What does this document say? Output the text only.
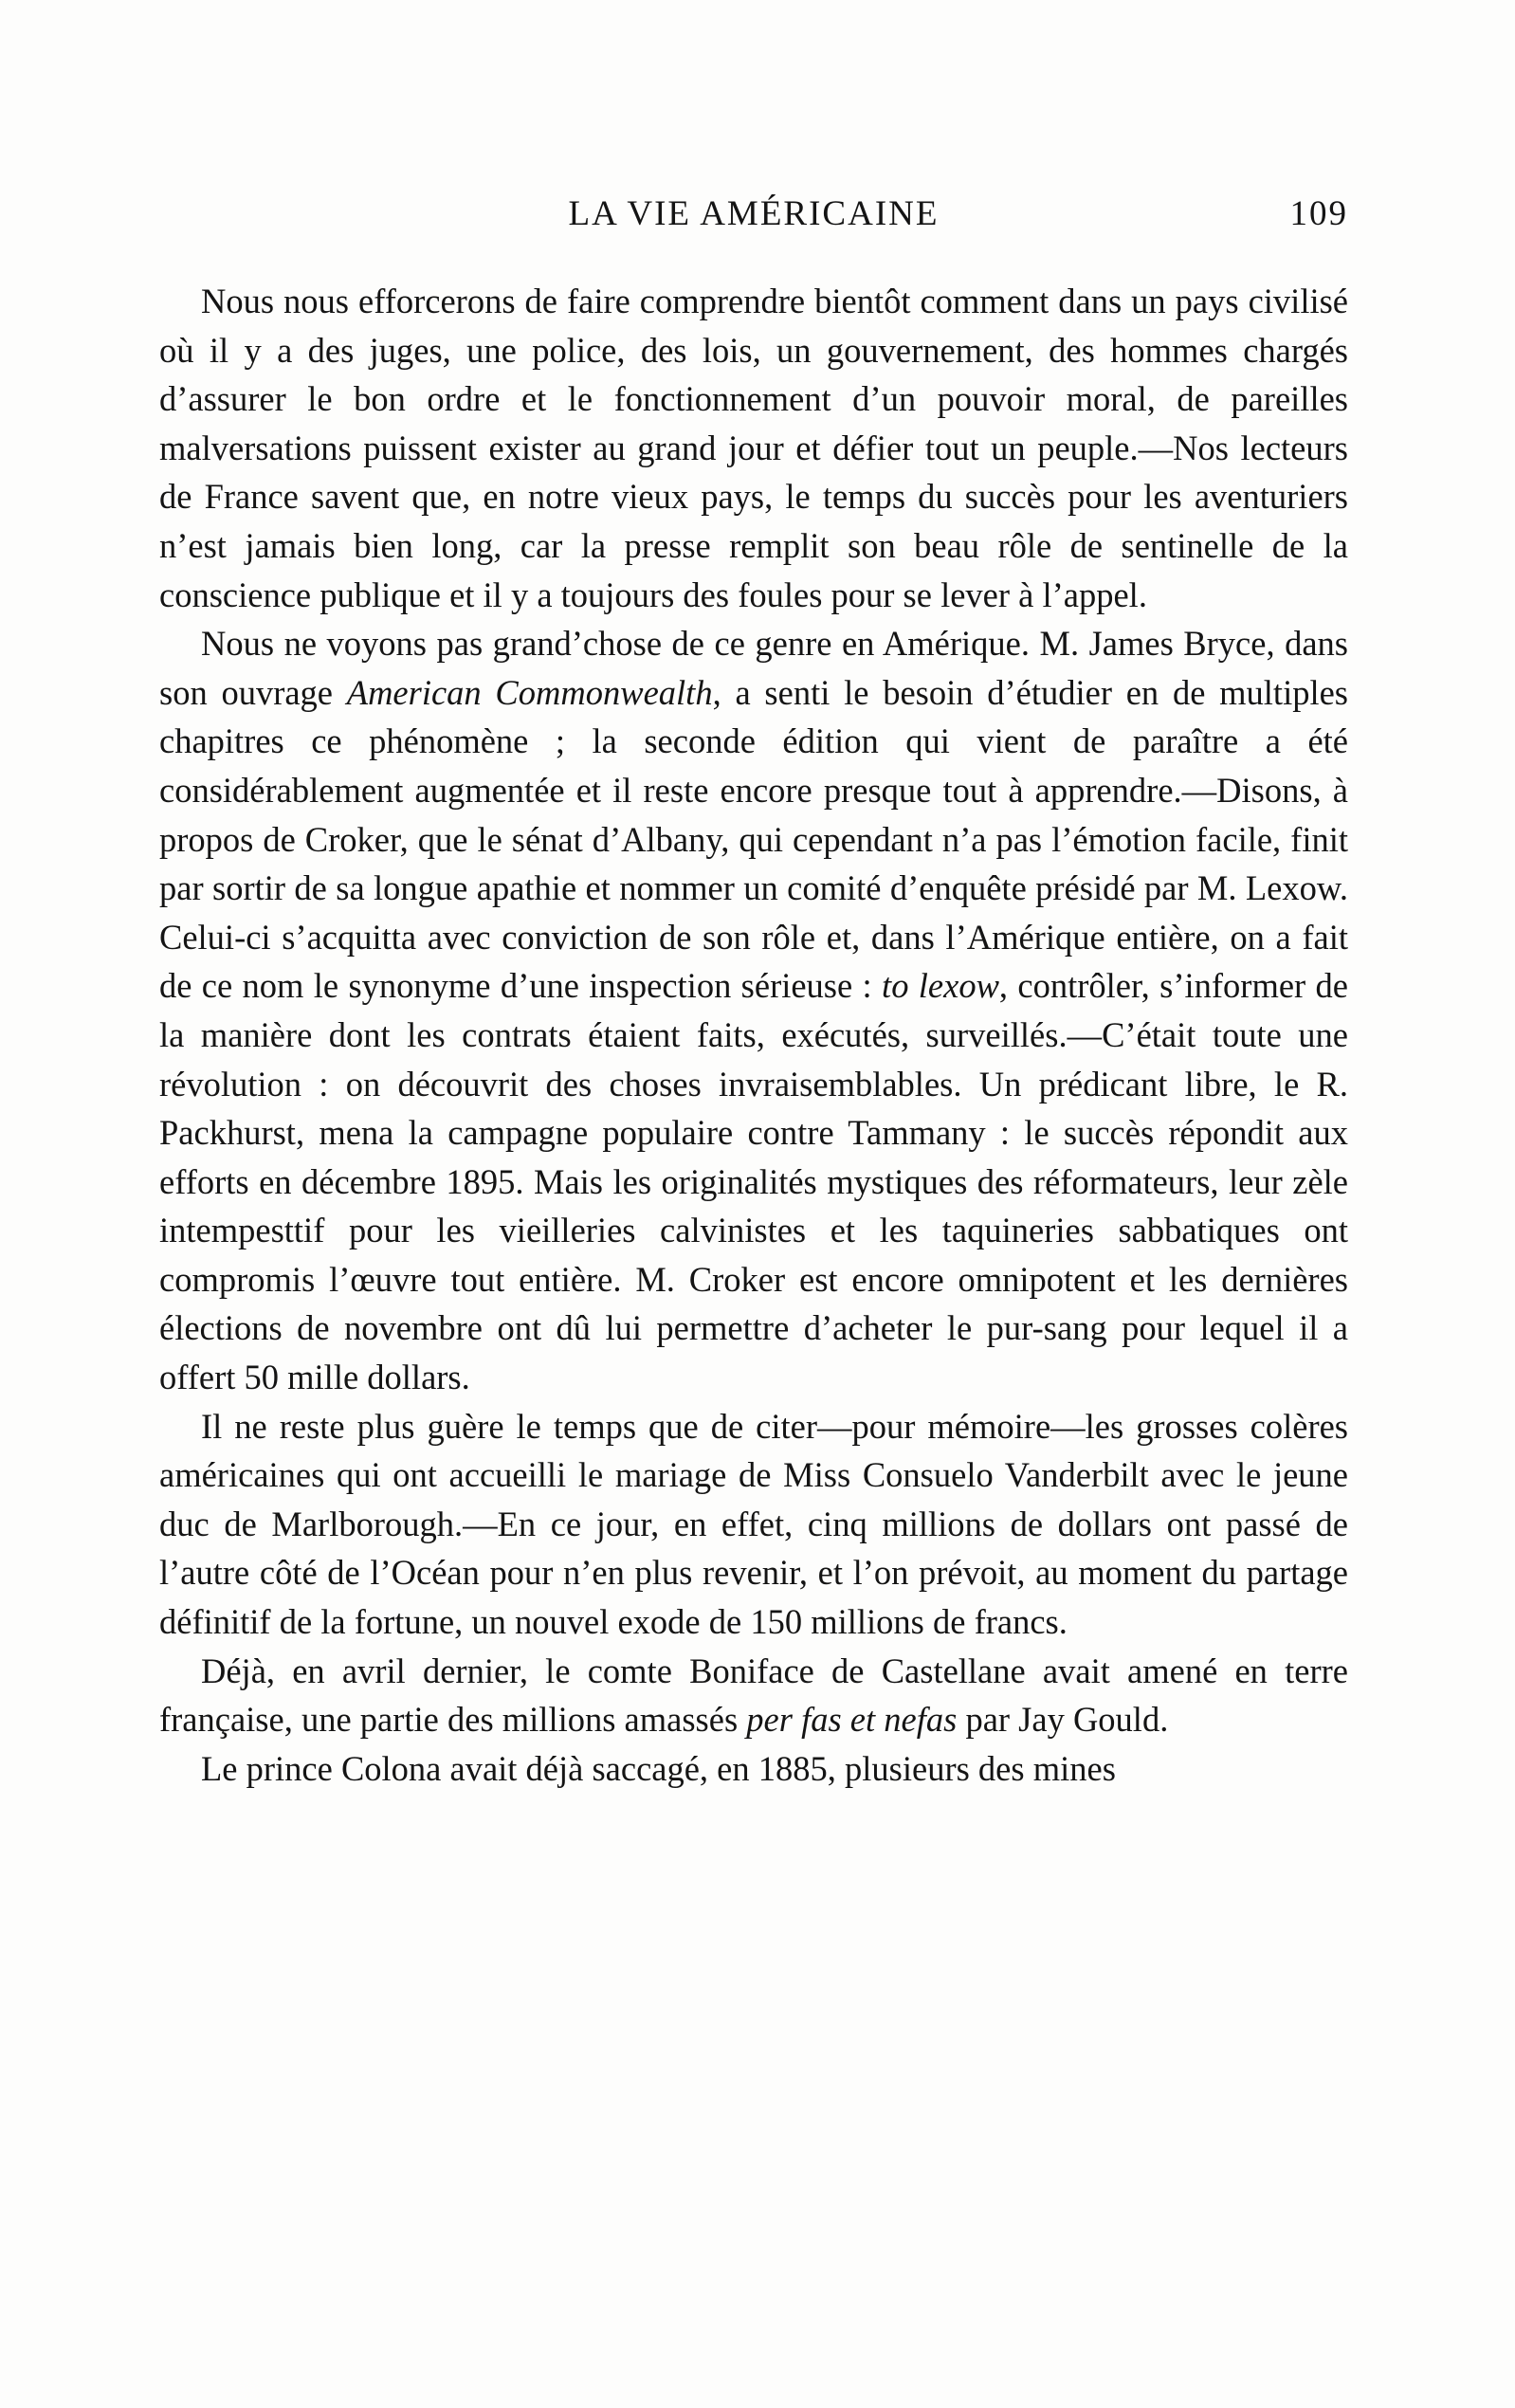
LA VIE AMÉRICAINE	109

Nous nous efforcerons de faire comprendre bientôt comment dans un pays civilisé où il y a des juges, une police, des lois, un gouvernement, des hommes chargés d’assurer le bon ordre et le fonctionnement d’un pouvoir moral, de pareilles malversations puissent exister au grand jour et défier tout un peuple.—Nos lecteurs de France savent que, en notre vieux pays, le temps du succès pour les aventuriers n’est jamais bien long, car la presse remplit son beau rôle de sentinelle de la conscience publique et il y a toujours des foules pour se lever à l’appel.

Nous ne voyons pas grand’chose de ce genre en Amérique. M. James Bryce, dans son ouvrage American Commonwealth, a senti le besoin d’étudier en de multiples chapitres ce phénomène ; la seconde édition qui vient de paraître a été considérablement augmentée et il reste encore presque tout à apprendre.—Disons, à propos de Croker, que le sénat d’Albany, qui cependant n’a pas l’émotion facile, finit par sortir de sa longue apathie et nommer un comité d’enquête présidé par M. Lexow. Celui-ci s’acquitta avec conviction de son rôle et, dans l’Amérique entière, on a fait de ce nom le synonyme d’une inspection sérieuse : to lexow, contrôler, s’informer de la manière dont les contrats étaient faits, exécutés, surveillés.—C’était toute une révolution : on découvrit des choses invraisemblables. Un prédicant libre, le R. Packhurst, mena la campagne populaire contre Tammany : le succès répondit aux efforts en décembre 1895. Mais les originalités mystiques des réformateurs, leur zèle intempesttif pour les vieilleries calvinistes et les taquineries sabbatiques ont compromis l’œuvre tout entière. M. Croker est encore omnipotent et les dernières élections de novembre ont dû lui permettre d’acheter le pur-sang pour lequel il a offert 50 mille dollars.

Il ne reste plus guère le temps que de citer—pour mémoire—les grosses colères américaines qui ont accueilli le mariage de Miss Consuelo Vanderbilt avec le jeune duc de Marlborough.—En ce jour, en effet, cinq millions de dollars ont passé de l’autre côté de l’Océan pour n’en plus revenir, et l’on prévoit, au moment du partage définitif de la fortune, un nouvel exode de 150 millions de francs.

Déjà, en avril dernier, le comte Boniface de Castellane avait amené en terre française, une partie des millions amassés per fas et nefas par Jay Gould.

Le prince Colona avait déjà saccagé, en 1885, plusieurs des mines
